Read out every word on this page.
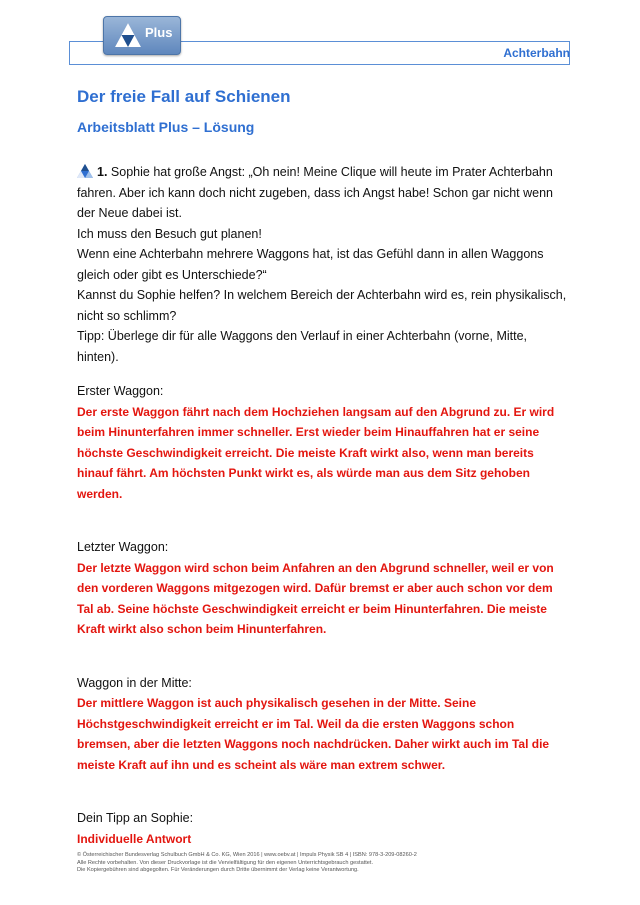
Plus
Achterbahn
Der freie Fall auf Schienen
Arbeitsblatt Plus – Lösung

1. Sophie hat große Angst: „Oh nein! Meine Clique will heute im Prater Achterbahn fahren. Aber ich kann doch nicht zugeben, dass ich Angst habe! Schon gar nicht wenn der Neue dabei ist.

Ich muss den Besuch gut planen!

Wenn eine Achterbahn mehrere Waggons hat, ist das Gefühl dann in allen Waggons gleich oder gibt es Unterschiede?“

Kannst du Sophie helfen? In welchem Bereich der Achterbahn wird es, rein physikalisch, nicht so schlimm?

Tipp: Überlege dir für alle Waggons den Verlauf in einer Achterbahn (vorne, Mitte, hinten).

Erster Waggon:

Der erste Waggon fährt nach dem Hochziehen langsam auf den Abgrund zu. Er wird beim Hinunterfahren immer schneller. Erst wieder beim Hinauffahren hat er seine höchste Geschwindigkeit erreicht. Die meiste Kraft wirkt also, wenn man bereits hinauf fährt. Am höchsten Punkt wirkt es, als würde man aus dem Sitz gehoben werden.

Letzter Waggon:

Der letzte Waggon wird schon beim Anfahren an den Abgrund schneller, weil er von den vorderen Waggons mitgezogen wird. Dafür bremst er aber auch schon vor dem Tal ab. Seine höchste Geschwindigkeit erreicht er beim Hinunterfahren. Die meiste Kraft wirkt also schon beim Hinunterfahren.

Waggon in der Mitte:

Der mittlere Waggon ist auch physikalisch gesehen in der Mitte. Seine Höchstgeschwindigkeit erreicht er im Tal. Weil da die ersten Waggons schon bremsen, aber die letzten Waggons noch nachdrücken. Daher wirkt auch im Tal die meiste Kraft auf ihn und es scheint als wäre man extrem schwer.

Dein Tipp an Sophie:

Individuelle Antwort

© Österreichischer Bundesverlag Schulbuch GmbH & Co. KG, Wien 2016 | www.oebv.at | Impuls Physik SB 4 | ISBN: 978-3-209-08260-2
Alle Rechte vorbehalten. Von dieser Druckvorlage ist die Vervielfältigung für den eigenen Unterrichtsgebrauch gestattet.
Die Kopiergebühren sind abgegolten. Für Veränderungen durch Dritte übernimmt der Verlag keine Verantwortung.
